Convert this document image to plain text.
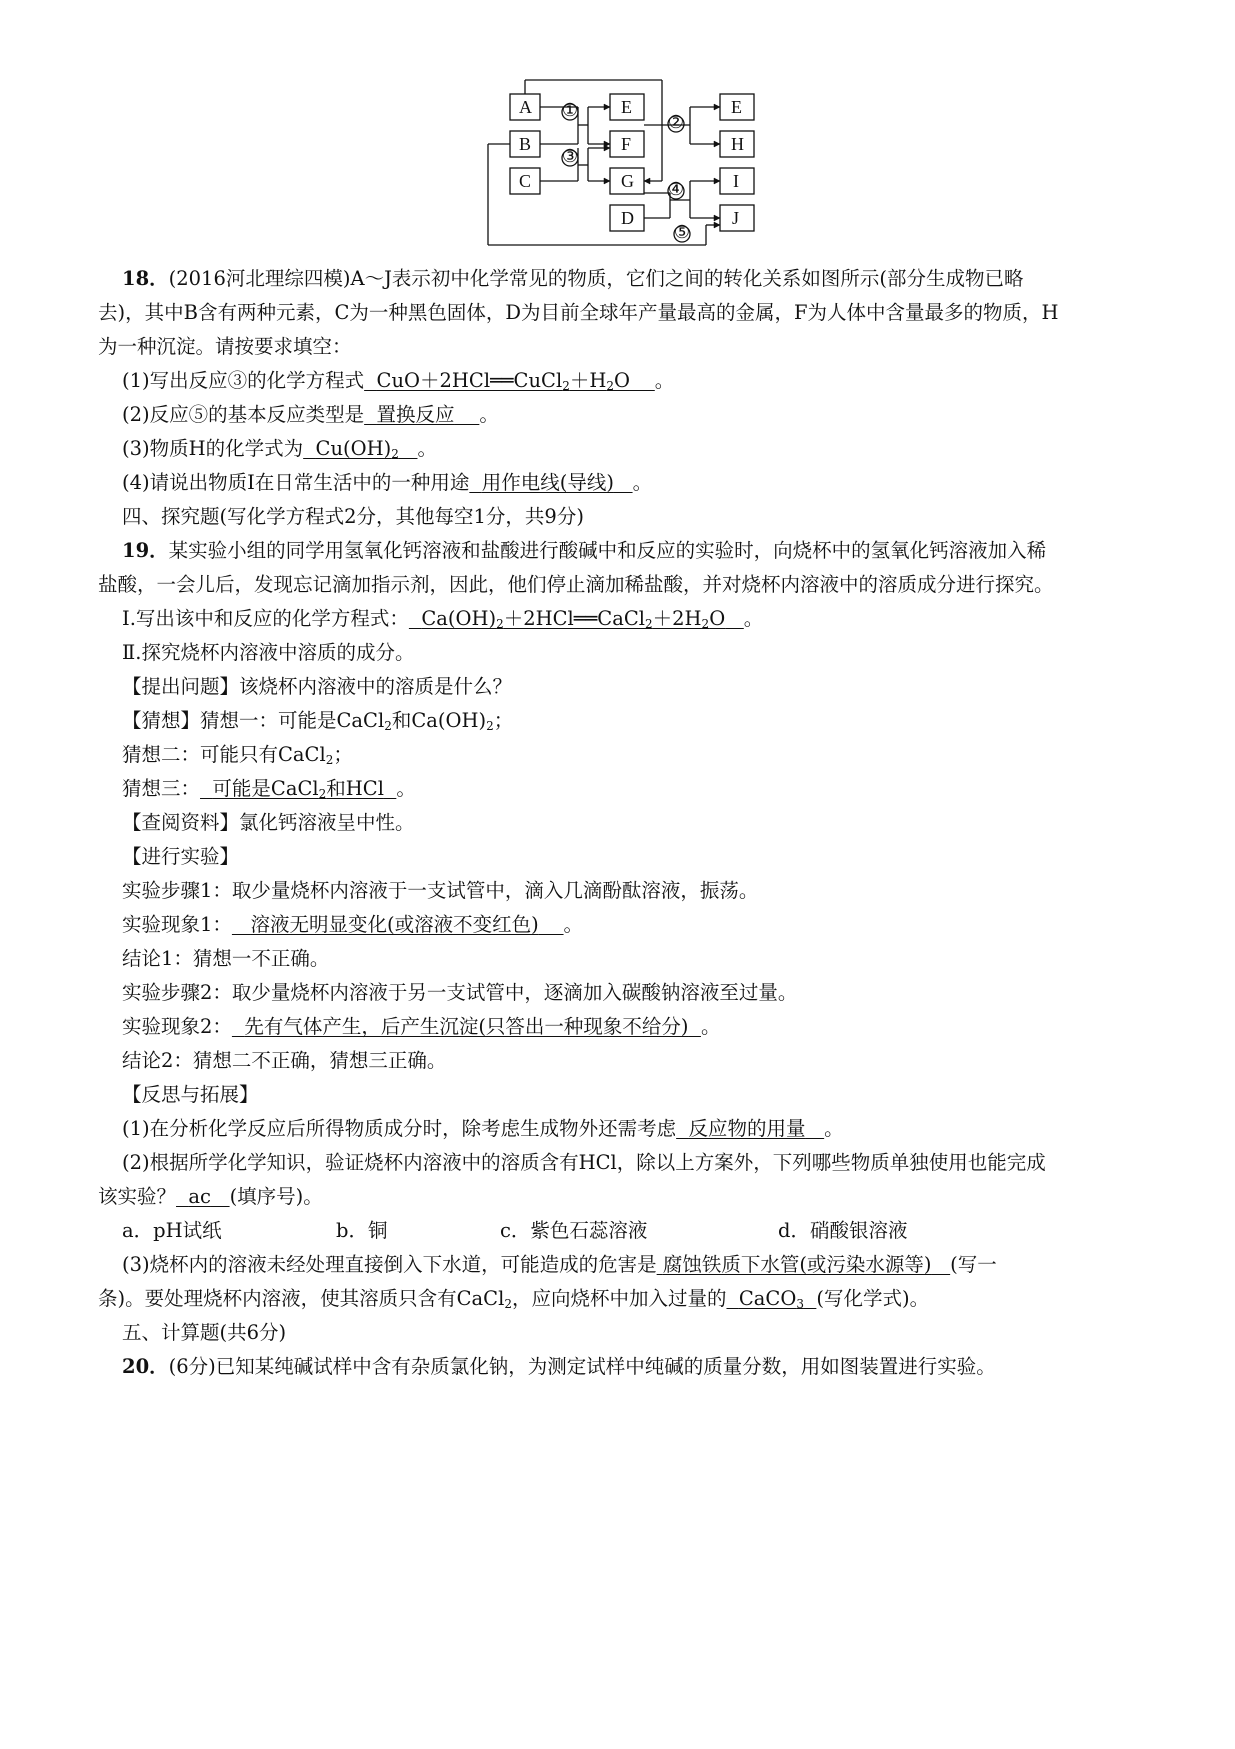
A
B
C
D
E
F
G
E
H
I
J
①
②
③
④
⑤
18．(2016河北理综四模)A～J表示初中化学常见的物质，它们之间的转化关系如图所示(部分生成物已略
去)，其中B含有两种元素，C为一种黑色固体，D为目前全球年产量最高的金属，F为人体中含量最多的物质，H
为一种沉淀。请按要求填空：
(1)写出反应③的化学方程式 $CuO+2HCl══CuCl_2+H_2O$ 。
(2)反应⑤的基本反应类型是 置换反应 。
(3)物质H的化学式为 $Cu(OH)_2$ 。
(4)请说出物质I在日常生活中的一种用途 用作电线(导线) 。
四、探究题(写化学方程式2分，其他每空1分，共9分)
19．某实验小组的同学用氢氧化钙溶液和盐酸进行酸碱中和反应的实验时，向烧杯中的氢氧化钙溶液加入稀
盐酸，一会儿后，发现忘记滴加指示剂，因此，他们停止滴加稀盐酸，并对烧杯内溶液中的溶质成分进行探究。
Ⅰ.写出该中和反应的化学方程式： $Ca(OH)_2+2HCl══CaCl_2+2H_2O$ 。
Ⅱ.探究烧杯内溶液中溶质的成分。
【提出问题】该烧杯内溶液中的溶质是什么？
【猜想】猜想一：可能是CaCl$_2$和$Ca(OH)_2$；
猜想二：可能只有CaCl$_2$；
猜想三： 可能是CaCl$_2$和HCl 。
【查阅资料】氯化钙溶液呈中性。
【进行实验】
实验步骤1：取少量烧杯内溶液于一支试管中，滴入几滴酚酞溶液，振荡。
实验现象1： 溶液无明显变化(或溶液不变红色) 。
结论1：猜想一不正确。
实验步骤2：取少量烧杯内溶液于另一支试管中，逐滴加入碳酸钠溶液至过量。
实验现象2： 先有气体产生，后产生沉淀(只答出一种现象不给分) 。
结论2：猜想二不正确，猜想三正确。
【反思与拓展】
(1)在分析化学反应后所得物质成分时，除考虑生成物外还需考虑 反应物的用量 。
(2)根据所学化学知识，验证烧杯内溶液中的溶质含有HCl，除以上方案外，下列哪些物质单独使用也能完成
该实验？ ac (填序号)。
a．pH试纸	b．铜	c．紫色石蕊溶液	d．硝酸银溶液
(3)烧杯内的溶液未经处理直接倒入下水道，可能造成的危害是 腐蚀铁质下水管(或污染水源等) (写一
条)。要处理烧杯内溶液，使其溶质只含有CaCl$_2$，应向烧杯中加入过量的 CaCO$_3$ (写化学式)。
五、计算题(共6分)
20．(6分)已知某纯碱试样中含有杂质氯化钠，为测定试样中纯碱的质量分数，用如图装置进行实验。
